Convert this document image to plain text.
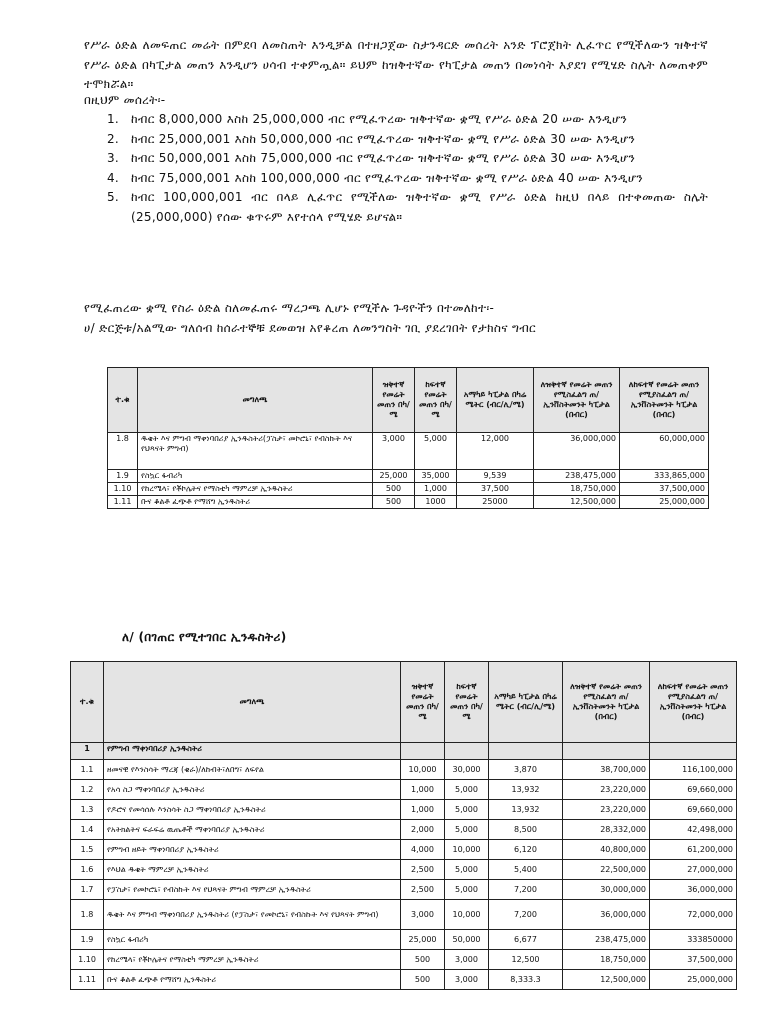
የሥራ ዕድል ለመፍጠር መሬት በምደባ ለመስጠት እንዲቻል በተዘጋጀው ስታንዳርድ መሰረት አንድ ፕሮጀክት ሊፈጥር የሚችለውን ዝቅተኛ የሥራ ዕድል በካፒታል መጠን እንዲሆን ሀሳብ ተቀምጧል። ይህም ከዝቅተኛው የካፒታል መጠን በመነሳት እያደገ የሚሄድ ስሌት ለመጠቀም ተሞክሯል።

በዚህም መሰረት፡-

1. ከብር 8,000,000 እስከ 25,000,000 ብር የሚፈጥረው ዝቅተኛው ቋሚ የሥራ ዕድል 20 ሠው እንዲሆን
2. ከብር 25,000,001 እስከ 50,000,000 ብር የሚፈጥረው ዝቅተኛው ቋሚ የሥራ ዕድል 30 ሠው እንዲሆን
3. ከብር 50,000,001 እስከ 75,000,000 ብር የሚፈጥረው ዝቅተኛው ቋሚ የሥራ ዕድል 30 ሠው እንዲሆን
4. ከብር 75,000,001 እስከ 100,000,000 ብር የሚፈጥረው ዝቅተኛው ቋሚ የሥራ ዕድል 40 ሠው እንዲሆን
5. ከብር 100,000,001 ብር በላይ ሊፈጥር የሚችለው ዝቅተኛው ቋሚ የሥራ ዕድል ከዚህ በላይ በተቀመጠው ስሌት (25,000,000) የሰው ቁጥሩም እየተሰላ የሚሄድ ይሆናል።

የሚፈጠረው ቋሚ የስራ ዕድል ስለመፈጠሩ ማረጋጫ ሊሆኑ የሚችሉ ጉዳዮችን በተመለከተ፡-

ሀ/ ድርጅቱ/አልሚው ግለሰብ ከሰራተኞቹ ደመወዝ አየቆረጠ ለመንግስት ገቢ ያደረገበት የታክስና ግብር

ተ.ቁ	መግለጫ	ዝቅተኛ የመሬት መጠን በካ/ሜ	ከፍተኛ የመሬት መጠን በካ/ሜ	አማካይ ካፒታል በካሬ ሜትር (ብር/ሊ/ሜ)	ለዝቅተኛ የመሬት መጠን የሚስፈልግ ጠ/ኢንቨስትመንት ካፒታል (በብር)	ለከፍተኛ የመሬት መጠን የሚያስፈልግ ጠ/ኢንቨስትመንት ካፒታል (በብር)
1.8	ዱቄት እና ምግብ ማቀነባበሪያ ኢንዱስትሪ(ፓስታ፣ መኮሮኒ፣ የብስኩት እና የህጻናት ምግብ)	3,000	5,000	12,000	36,000,000	60,000,000
1.9	የስኳር ፋብሪካ	25,000	35,000	9,539	238,475,000	333,865,000
1.10	የከረሜላ፣ የቾኮሌትና የማስቲካ ማምረቻ ኢንዱስትሪ	500	1,000	37,500	18,750,000	37,500,000
1.11	ቡና ቆልቶ ፈጭቶ የማሸግ ኢንዱስትሪ	500	1000	25000	12,500,000	25,000,000

ለ/ (በገጠር የሚተገበር ኢንዱስትሪ)

ተ.ቁ	መግለጫ	ዝቅተኛ የመሬት መጠን በካ/ሜ	ከፍተኛ የመሬት መጠን በካ/ሜ	አማካይ ካፒታል በካሬ ሜትር (ብር/ሊ/ሜ)	ለዝቅተኛ የመሬት መጠን የሚስፈልግ ጠ/ኢንቨስትመንት ካፒታል (በብር)	ለከፍተኛ የመሬት መጠን የሚያስፈልግ ጠ/ኢንቨስትመንት ካፒታል (በብር)
1	የምግብ ማቀነባበሪያ ኢንዱስትሪ					
1.1	ዘመናዊ የእንስሳት ማረጃ (ቄራ)/ለከብት፣ለበግ፣ ለፍየል	10,000	30,000	3,870	38,700,000	116,100,000
1.2	የአሳ ስጋ ማቀነባበሪያ ኢንዱስትሪ	1,000	5,000	13,932	23,220,000	69,660,000
1.3	የዶሮና የመሳሰሉ እንስሳት ስጋ ማቀነባበሪያ ኢንዱስትሪ	1,000	5,000	13,932	23,220,000	69,660,000
1.4	የአትክልትና ፍራፍሬ ዉጤቶች ማቀነባበሪያ ኢንዱስትሪ	2,000	5,000	8,500	28,332,000	42,498,000
1.5	የምግብ ዘይት ማቀነባበሪያ ኢንዱስትሪ	4,000	10,000	6,120	40,800,000	61,200,000
1.6	የእህል ዱቄት ማምረቻ ኢንዱስትሪ	2,500	5,000	5,400	22,500,000	27,000,000
1.7	የፓስታ፣ የመኮሮኒ፣ የብስኩት እና የህጻናት ምግብ ማምረቻ ኢንዱስትሪ	2,500	5,000	7,200	30,000,000	36,000,000
1.8	ዱቄት እና ምግብ ማቀነባበሪያ ኢንዱስትሪ (የፓስታ፣ የመኮሮኒ፣ የብስኩት እና የህጻናት ምግብ)	3,000	10,000	7,200	36,000,000	72,000,000
1.9	የስኳር ፋብሪካ	25,000	50,000	6,677	238,475,000	333850000
1.10	የከረሜላ፣ የቾኮሌትና የማስቲካ ማምረቻ ኢንዱስትሪ	500	3,000	12,500	18,750,000	37,500,000
1.11	ቡና ቆልቶ ፈጭቶ የማሸግ ኢንዱስትሪ	500	3,000	8,333.3	12,500,000	25,000,000
